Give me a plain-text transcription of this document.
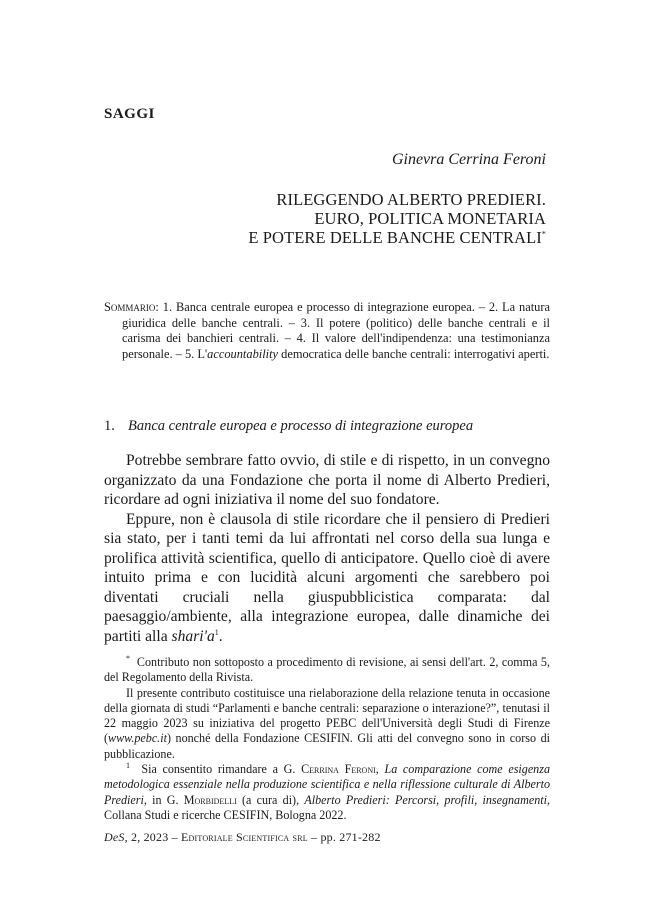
SAGGI
Ginevra Cerrina Feroni
RILEGGENDO ALBERTO PREDIERI.
EURO, POLITICA MONETARIA
E POTERE DELLE BANCHE CENTRALI*
Sommario: 1. Banca centrale europea e processo di integrazione europea. – 2. La natura giuridica delle banche centrali. – 3. Il potere (politico) delle banche centrali e il carisma dei banchieri centrali. – 4. Il valore dell'indipendenza: una testimonianza personale. – 5. L'accountability democratica delle banche centrali: interrogativi aperti.
1. Banca centrale europea e processo di integrazione europea

Potrebbe sembrare fatto ovvio, di stile e di rispetto, in un convegno organizzato da una Fondazione che porta il nome di Alberto Predieri, ricordare ad ogni iniziativa il nome del suo fondatore.

Eppure, non è clausola di stile ricordare che il pensiero di Predieri sia stato, per i tanti temi da lui affrontati nel corso della sua lunga e prolifica attività scientifica, quello di anticipatore. Quello cioè di avere intuito prima e con lucidità alcuni argomenti che sarebbero poi diventati cruciali nella giuspubblicistica comparata: dal paesaggio/ambiente, alla integrazione europea, dalle dinamiche dei partiti alla $shari'a^1$.

* Contributo non sottoposto a procedimento di revisione, ai sensi dell'art. 2, comma 5, del Regolamento della Rivista.

Il presente contributo costituisce una rielaborazione della relazione tenuta in occasione della giornata di studi “Parlamenti e banche centrali: separazione o interazione?”, tenutasi il 22 maggio 2023 su iniziativa del progetto PEBC dell'Università degli Studi di Firenze (www.pebc.it) nonché della Fondazione CESIFIN. Gli atti del convegno sono in corso di pubblicazione.

$^1$ Sia consentito rimandare a G. Cerrina Feroni, La comparazione come esigenza metodologica essenziale nella produzione scientifica e nella riflessione culturale di Alberto Predieri, in G. Morbidelli (a cura di), Alberto Predieri: Percorsi, profili, insegnamenti, Collana Studi e ricerche CESIFIN, Bologna 2022.

DeS, 2, 2023 – Editoriale Scientifica srl – pp. 271-282
